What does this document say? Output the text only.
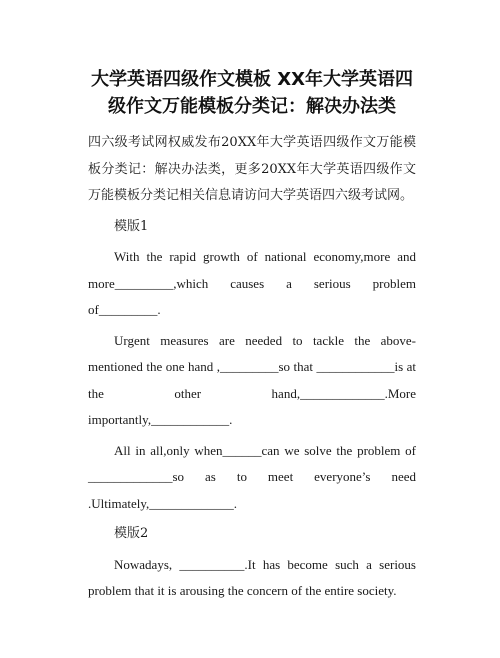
大学英语四级作文模板 XX年大学英语四
级作文万能模板分类记：解决办法类

四六级考试网权威发布20XX年大学英语四级作文万能模板分类记：解决办法类，更多20XX年大学英语四级作文万能模板分类记相关信息请访问大学英语四六级考试网。

模版1

With the rapid growth of national economy,more and more_________,which causes a serious problem of_________.

Urgent measures are needed to tackle the above-mentioned the one hand ,_________so that ____________is at the other hand,_____________.More importantly,____________.

All in all,only when______can we solve the problem of _____________so as to meet everyone’s need .Ultimately,_____________.

模版2

Nowadays, __________.It has become such a serious problem that it is arousing the concern of the entire society.
